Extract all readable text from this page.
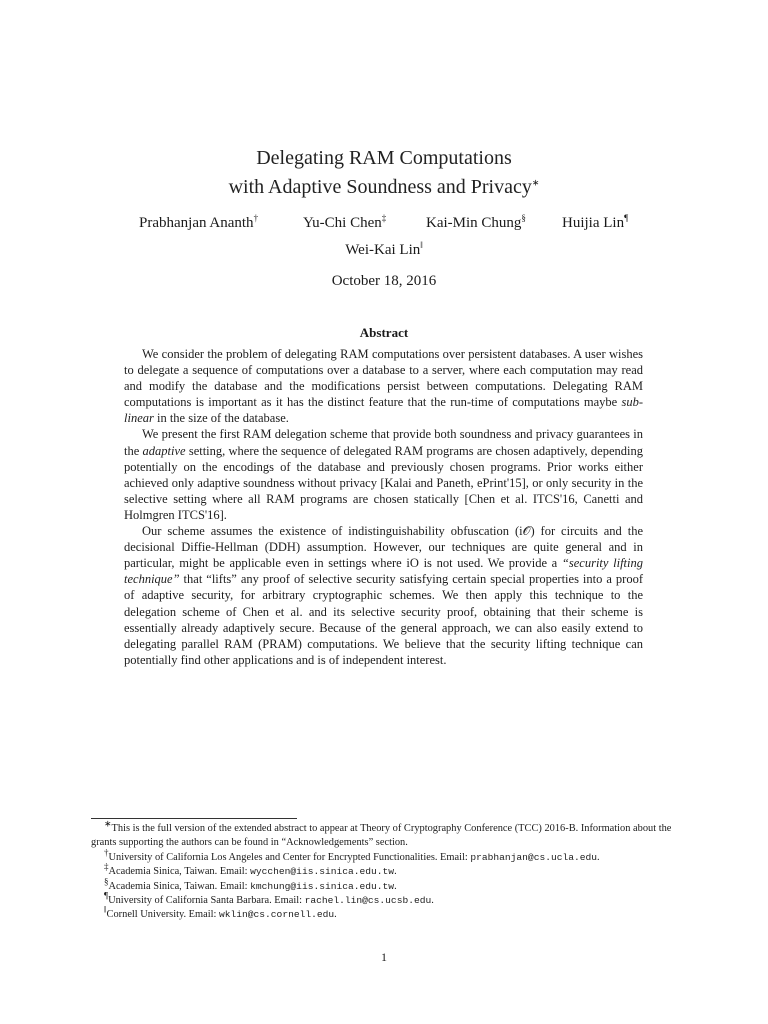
Delegating RAM Computations
with Adaptive Soundness and Privacy∗
Prabhanjan Ananth†	Yu-Chi Chen‡	Kai-Min Chung§ Huijia Lin¶
Wei-Kai Lin‖
October 18, 2016
Abstract

We consider the problem of delegating RAM computations over persistent databases. A user wishes to delegate a sequence of computations over a database to a server, where each computation may read and modify the database and the modifications persist between computations. Delegating RAM computations is important as it has the distinct feature that the run-time of computations maybe sub-linear in the size of the database.

We present the first RAM delegation scheme that provide both soundness and privacy guarantees in the adaptive setting, where the sequence of delegated RAM programs are chosen adaptively, depending potentially on the encodings of the database and previously chosen programs. Prior works either achieved only adaptive soundness without privacy [Kalai and Paneth, ePrint'15], or only security in the selective setting where all RAM programs are chosen statically [Chen et al. ITCS'16, Canetti and Holmgren ITCS'16].

Our scheme assumes the existence of indistinguishability obfuscation (i𝒪) for circuits and the decisional Diffie-Hellman (DDH) assumption. However, our techniques are quite general and in particular, might be applicable even in settings where iO is not used. We provide a “security lifting technique” that “lifts” any proof of selective security satisfying certain special properties into a proof of adaptive security, for arbitrary cryptographic schemes. We then apply this technique to the delegation scheme of Chen et al. and its selective security proof, obtaining that their scheme is essentially already adaptively secure. Because of the general approach, we can also easily extend to delegating parallel RAM (PRAM) computations. We believe that the security lifting technique can potentially find other applications and is of independent interest.

∗This is the full version of the extended abstract to appear at Theory of Cryptography Conference (TCC) 2016-B. Information about the grants supporting the authors can be found in “Acknowledgements” section.
†University of California Los Angeles and Center for Encrypted Functionalities. Email: prabhanjan@cs.ucla.edu.
‡Academia Sinica, Taiwan. Email: wycchen@iis.sinica.edu.tw.
§Academia Sinica, Taiwan. Email: kmchung@iis.sinica.edu.tw.
¶University of California Santa Barbara. Email: rachel.lin@cs.ucsb.edu.
‖Cornell University. Email: wklin@cs.cornell.edu.
1
